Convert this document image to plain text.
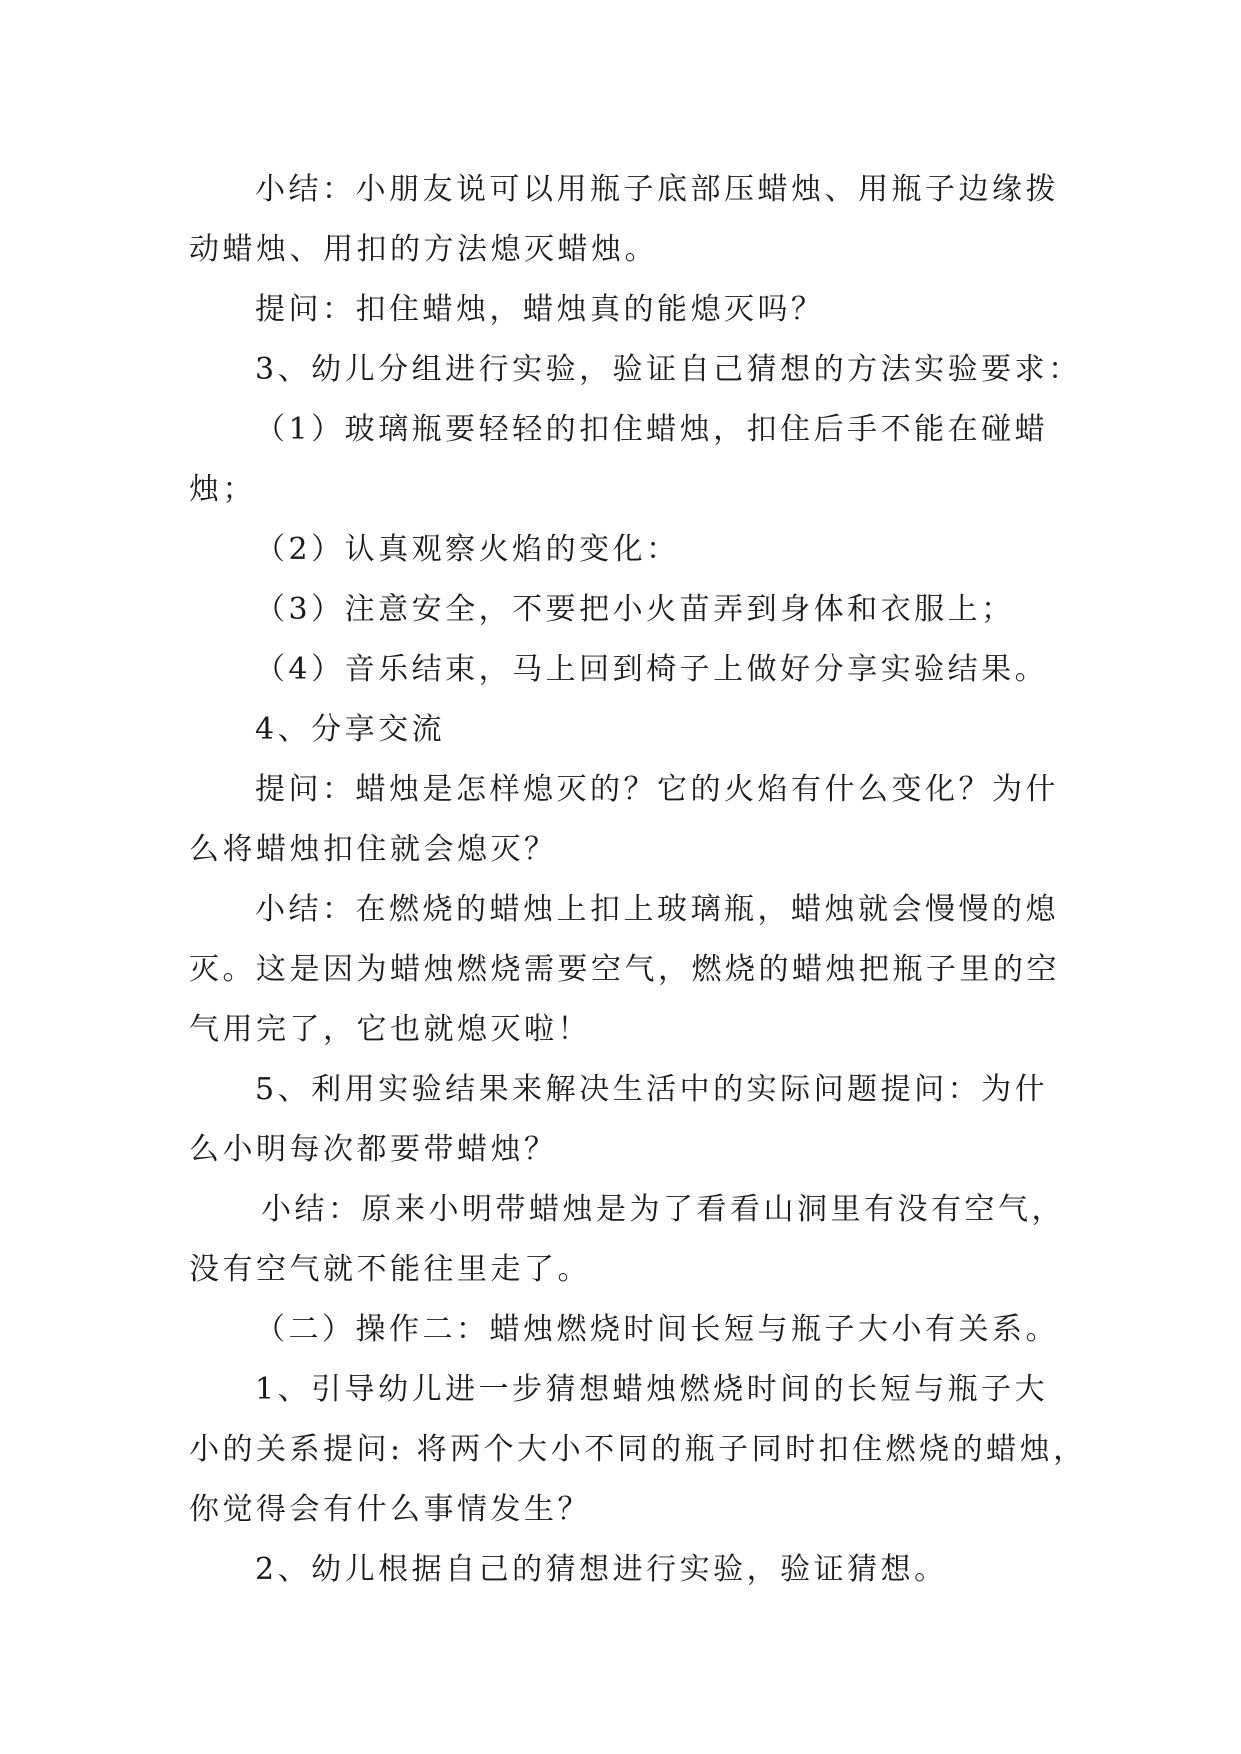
小结：小朋友说可以用瓶子底部压蜡烛、用瓶子边缘拨
动蜡烛、用扣的方法熄灭蜡烛。

提问：扣住蜡烛，蜡烛真的能熄灭吗？

3、幼儿分组进行实验，验证自己猜想的方法实验要求：

（1）玻璃瓶要轻轻的扣住蜡烛，扣住后手不能在碰蜡
烛；

（2）认真观察火焰的变化：

（3）注意安全，不要把小火苗弄到身体和衣服上；

（4）音乐结束，马上回到椅子上做好分享实验结果。

4、分享交流

提问：蜡烛是怎样熄灭的？它的火焰有什么变化？为什
么将蜡烛扣住就会熄灭？

小结：在燃烧的蜡烛上扣上玻璃瓶，蜡烛就会慢慢的熄
灭。这是因为蜡烛燃烧需要空气，燃烧的蜡烛把瓶子里的空
气用完了，它也就熄灭啦！

5、利用实验结果来解决生活中的实际问题提问：为什
么小明每次都要带蜡烛？

小结：原来小明带蜡烛是为了看看山洞里有没有空气，
没有空气就不能往里走了。

（二）操作二：蜡烛燃烧时间长短与瓶子大小有关系。

1、引导幼儿进一步猜想蜡烛燃烧时间的长短与瓶子大
小的关系提问: 将两个大小不同的瓶子同时扣住燃烧的蜡烛，
你觉得会有什么事情发生？

2、幼儿根据自己的猜想进行实验，验证猜想。
